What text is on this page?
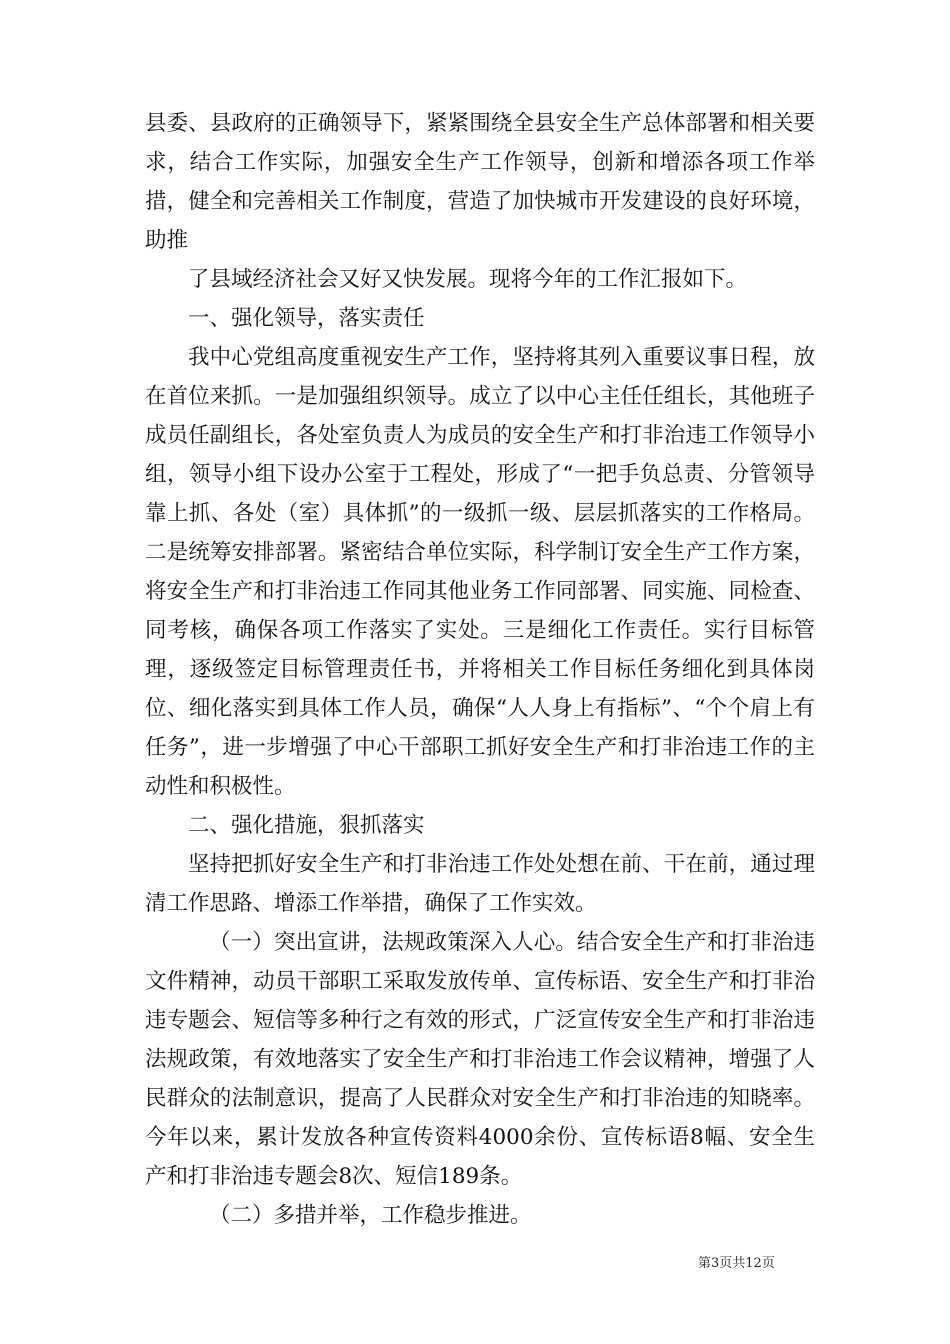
县委、县政府的正确领导下，紧紧围绕全县安全生产总体部署和相关要求，结合工作实际，加强安全生产工作领导，创新和增添各项工作举措，健全和完善相关工作制度，营造了加快城市开发建设的良好环境，助推

了县域经济社会又好又快发展。现将今年的工作汇报如下。

一、强化领导，落实责任

我中心党组高度重视安生产工作，坚持将其列入重要议事日程，放在首位来抓。一是加强组织领导。成立了以中心主任任组长，其他班子成员任副组长，各处室负责人为成员的安全生产和打非治违工作领导小组，领导小组下设办公室于工程处，形成了“一把手负总责、分管领导靠上抓、各处（室）具体抓”的一级抓一级、层层抓落实的工作格局。二是统筹安排部署。紧密结合单位实际，科学制订安全生产工作方案，将安全生产和打非治违工作同其他业务工作同部署、同实施、同检查、同考核，确保各项工作落实了实处。三是细化工作责任。实行目标管理，逐级签定目标管理责任书，并将相关工作目标任务细化到具体岗位、细化落实到具体工作人员，确保“人人身上有指标”、“个个肩上有任务”，进一步增强了中心干部职工抓好安全生产和打非治违工作的主动性和积极性。

二、强化措施，狠抓落实

坚持把抓好安全生产和打非治违工作处处想在前、干在前，通过理清工作思路、增添工作举措，确保了工作实效。

（一）突出宣讲，法规政策深入人心。结合安全生产和打非治违文件精神，动员干部职工采取发放传单、宣传标语、安全生产和打非治违专题会、短信等多种行之有效的形式，广泛宣传安全生产和打非治违法规政策，有效地落实了安全生产和打非治违工作会议精神，增强了人民群众的法制意识，提高了人民群众对安全生产和打非治违的知晓率。今年以来，累计发放各种宣传资料4000余份、宣传标语8幅、安全生产和打非治违专题会8次、短信189条。

（二）多措并举，工作稳步推进。

第3页共12页
